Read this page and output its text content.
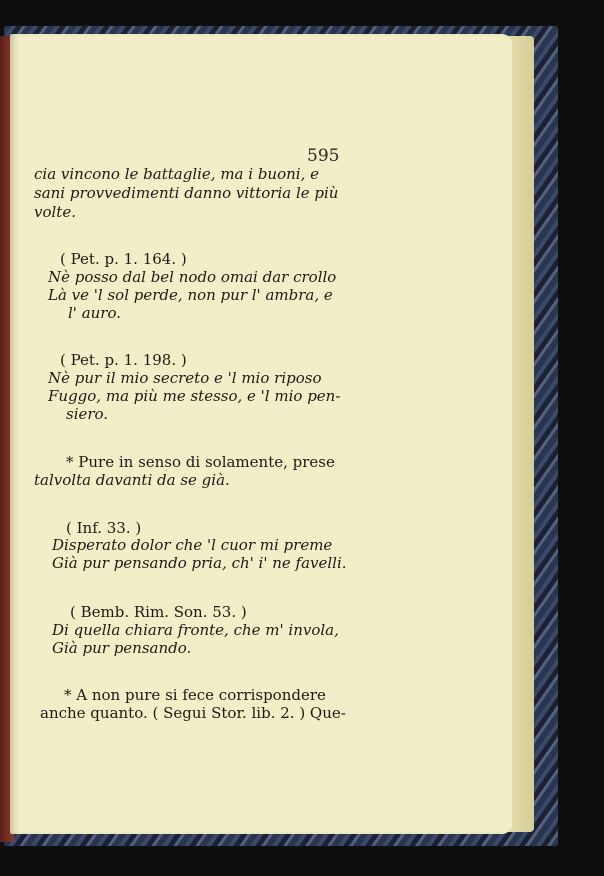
595
cia vincono le battaglie, ma i buoni, e
sani provvedimenti danno vittoria le più
volte.
( Pet. p. 1. 164. )
Nè posso dal bel nodo omai dar crollo
Là ve 'l sol perde, non pur l' ambra, e
l' auro.
( Pet. p. 1. 198. )
Nè pur il mio secreto e 'l mio riposo
Fuggo, ma più me stesso, e 'l mio pen-
siero.
* Pure in senso di solamente, prese
talvolta davanti da se già.
( Inf. 33. )
Disperato dolor che 'l cuor mi preme
Già pur pensando pria, ch' i' ne favelli.
( Bemb. Rim. Son. 53. )
Di quella chiara fronte, che m' invola,
Già pur pensando.
* A non pure si fece corrispondere
anche quanto. ( Segui Stor. lib. 2. ) Que-
